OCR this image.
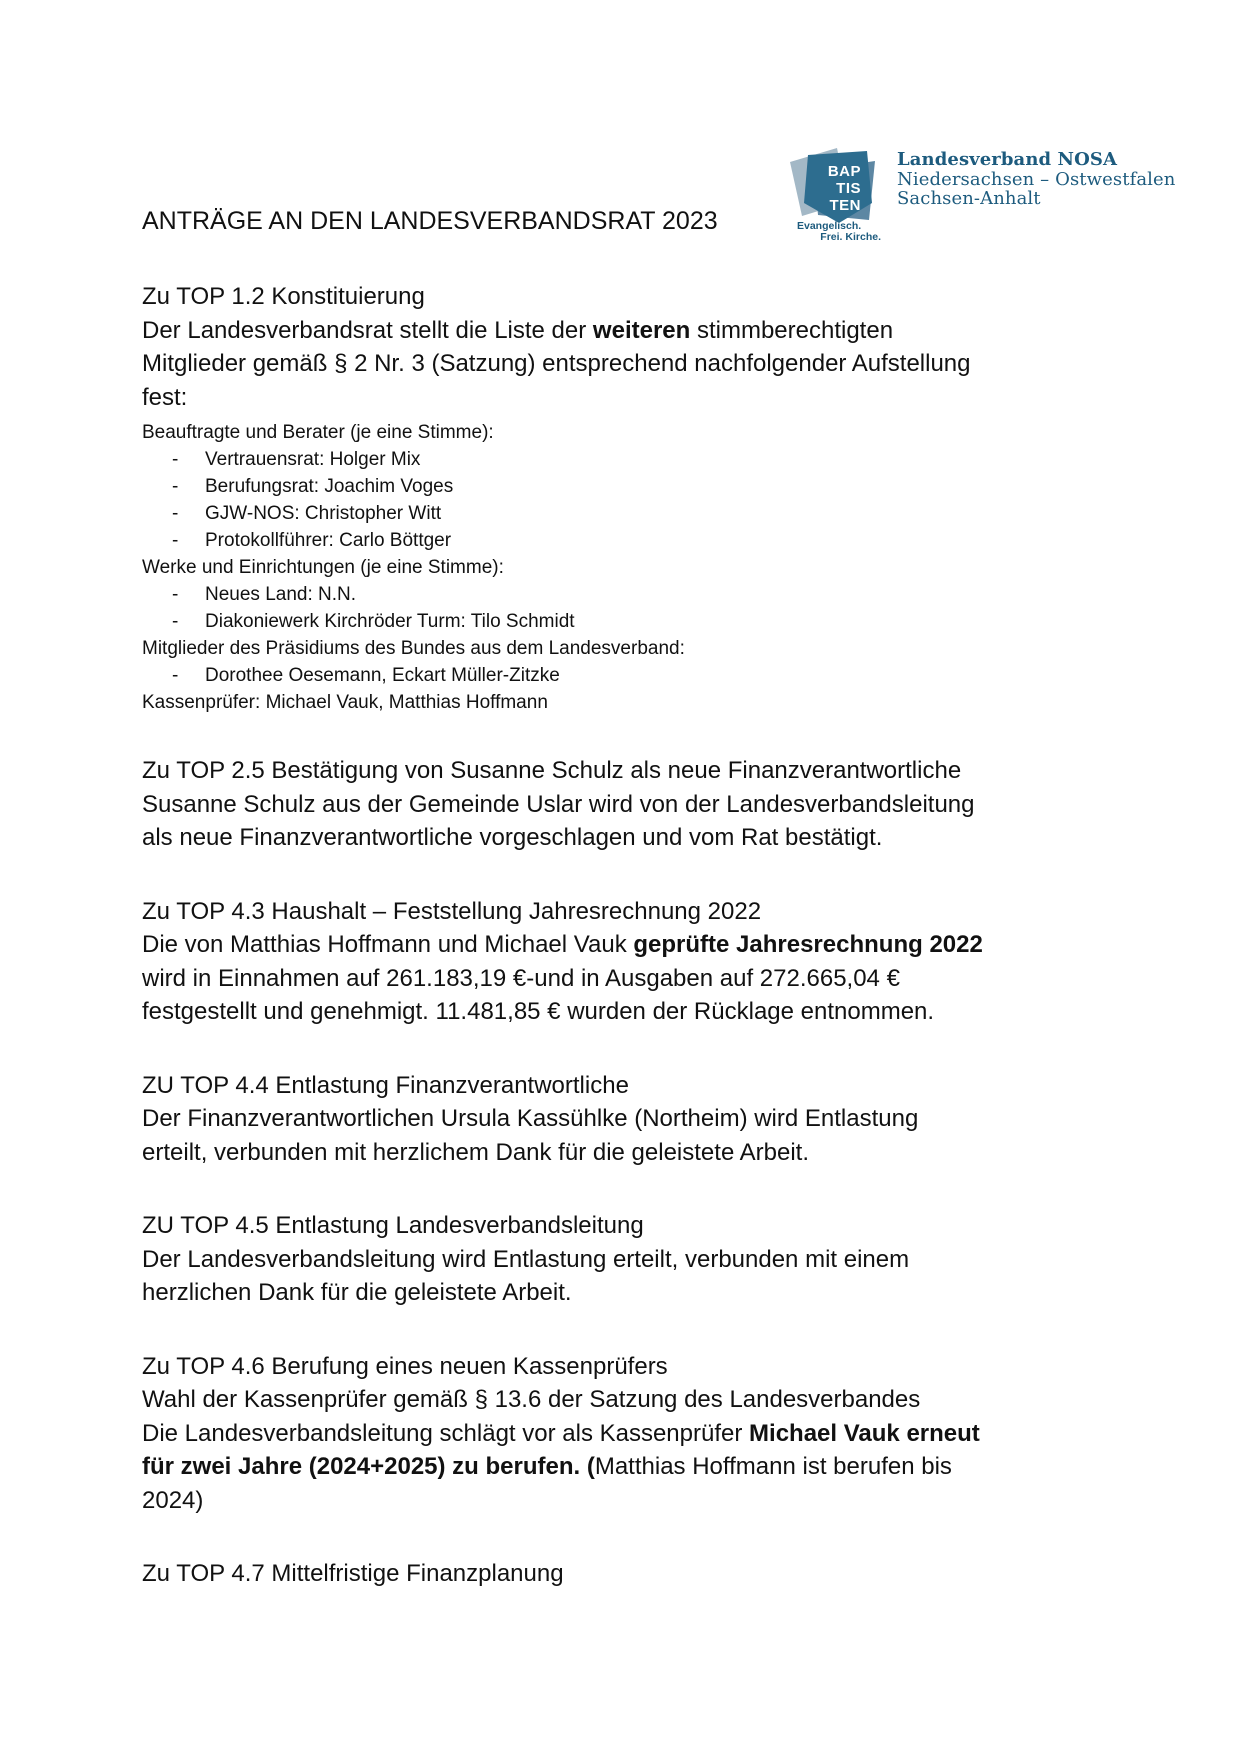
BAP
TIS
TEN
Evangelisch.
Frei. Kirche.
Landesverband NOSA
Niedersachsen – Ostwestfalen
Sachsen-Anhalt
ANTRÄGE AN DEN LANDESVERBANDSRAT 2023
Zu TOP 1.2 Konstituierung
Der Landesverbandsrat stellt die Liste der weiteren stimmberechtigten
Mitglieder gemäß § 2 Nr. 3 (Satzung) entsprechend nachfolgender Aufstellung
fest:
Beauftragte und Berater (je eine Stimme):
-	Vertrauensrat: Holger Mix
-	Berufungsrat: Joachim Voges
-	GJW-NOS: Christopher Witt
-	Protokollführer: Carlo Böttger
Werke und Einrichtungen (je eine Stimme):
-	Neues Land: N.N.
-	Diakoniewerk Kirchröder Turm: Tilo Schmidt
Mitglieder des Präsidiums des Bundes aus dem Landesverband:
-	Dorothee Oesemann, Eckart Müller-Zitzke
Kassenprüfer: Michael Vauk, Matthias Hoffmann
Zu TOP 2.5 Bestätigung von Susanne Schulz als neue Finanzverantwortliche
Susanne Schulz aus der Gemeinde Uslar wird von der Landesverbandsleitung
als neue Finanzverantwortliche vorgeschlagen und vom Rat bestätigt.
Zu TOP 4.3 Haushalt – Feststellung Jahresrechnung 2022
Die von Matthias Hoffmann und Michael Vauk geprüfte Jahresrechnung 2022
wird in Einnahmen auf 261.183,19 €-und in Ausgaben auf 272.665,04 €
festgestellt und genehmigt. 11.481,85 € wurden der Rücklage entnommen.
ZU TOP 4.4 Entlastung Finanzverantwortliche
Der Finanzverantwortlichen Ursula Kassühlke (Northeim) wird Entlastung
erteilt, verbunden mit herzlichem Dank für die geleistete Arbeit.
ZU TOP 4.5 Entlastung Landesverbandsleitung
Der Landesverbandsleitung wird Entlastung erteilt, verbunden mit einem
herzlichen Dank für die geleistete Arbeit.
Zu TOP 4.6 Berufung eines neuen Kassenprüfers
Wahl der Kassenprüfer gemäß § 13.6 der Satzung des Landesverbandes
Die Landesverbandsleitung schlägt vor als Kassenprüfer Michael Vauk erneut
für zwei Jahre (2024+2025) zu berufen. (Matthias Hoffmann ist berufen bis
2024)
Zu TOP 4.7 Mittelfristige Finanzplanung
